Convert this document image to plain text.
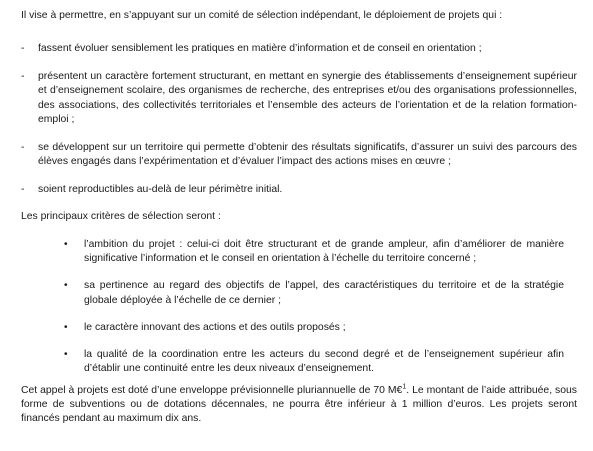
Il vise à permettre, en s’appuyant sur un comité de sélection indépendant, le déploiement de projets qui :

- fassent évoluer sensiblement les pratiques en matière d’information et de conseil en orientation ;
- présentent un caractère fortement structurant, en mettant en synergie des établissements d’enseignement supérieur et d’enseignement scolaire, des organismes de recherche, des entreprises et/ou des organisations professionnelles, des associations, des collectivités territoriales et l’ensemble des acteurs de l’orientation et de la relation formation-emploi ;
- se développent sur un territoire qui permette d’obtenir des résultats significatifs, d’assurer un suivi des parcours des élèves engagés dans l’expérimentation et d’évaluer l’impact des actions mises en œuvre ;
- soient reproductibles au-delà de leur périmètre initial.

Les principaux critères de sélection seront :

• l’ambition du projet : celui-ci doit être structurant et de grande ampleur, afin d’améliorer de manière significative l’information et le conseil en orientation à l’échelle du territoire concerné ;
• sa pertinence au regard des objectifs de l’appel, des caractéristiques du territoire et de la stratégie globale déployée à l’échelle de ce dernier ;
• le caractère innovant des actions et des outils proposés ;
• la qualité de la coordination entre les acteurs du second degré et de l’enseignement supérieur afin d’établir une continuité entre les deux niveaux d’enseignement.

Cet appel à projets est doté d’une enveloppe prévisionnelle pluriannuelle de 70 M€$^1$. Le montant de l’aide attribuée, sous forme de subventions ou de dotations décennales, ne pourra être inférieur à 1 million d’euros. Les projets seront financés pendant au maximum dix ans.
